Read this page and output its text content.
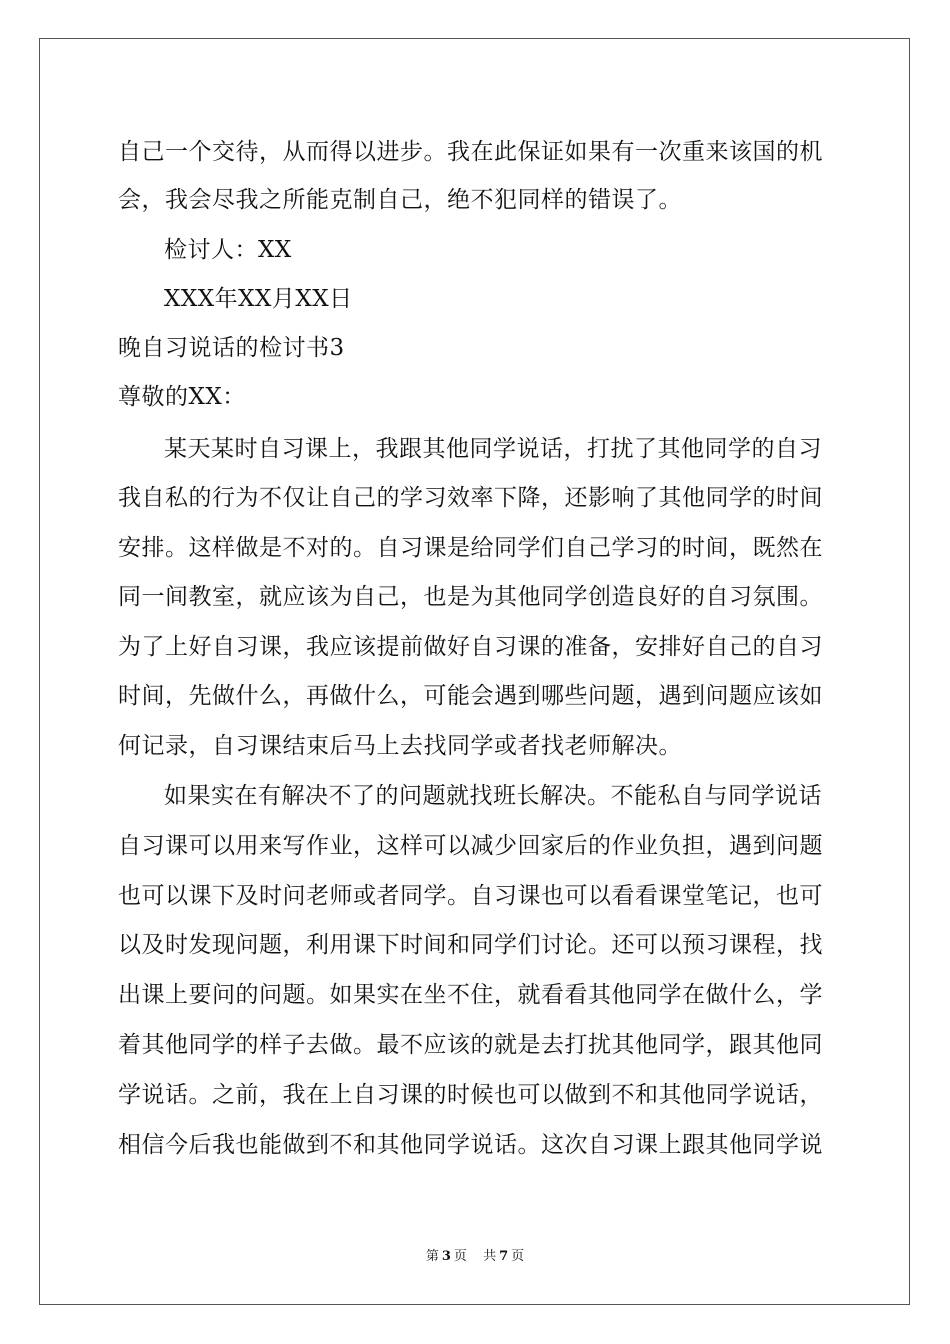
自己一个交待，从而得以进步。我在此保证如果有一次重来该国的机
会，我会尽我之所能克制自己，绝不犯同样的错误了。
检讨人：XX
XXX年XX月XX日
晚自习说话的检讨书3
尊敬的XX：
某天某时自习课上，我跟其他同学说话，打扰了其他同学的自习
我自私的行为不仅让自己的学习效率下降，还影响了其他同学的时间
安排。这样做是不对的。自习课是给同学们自己学习的时间，既然在
同一间教室，就应该为自己，也是为其他同学创造良好的自习氛围。
为了上好自习课，我应该提前做好自习课的准备，安排好自己的自习
时间，先做什么，再做什么，可能会遇到哪些问题，遇到问题应该如
何记录，自习课结束后马上去找同学或者找老师解决。
如果实在有解决不了的问题就找班长解决。不能私自与同学说话
自习课可以用来写作业，这样可以减少回家后的作业负担，遇到问题
也可以课下及时问老师或者同学。自习课也可以看看课堂笔记，也可
以及时发现问题，利用课下时间和同学们讨论。还可以预习课程，找
出课上要问的问题。如果实在坐不住，就看看其他同学在做什么，学
着其他同学的样子去做。最不应该的就是去打扰其他同学，跟其他同
学说话。之前，我在上自习课的时候也可以做到不和其他同学说话，
相信今后我也能做到不和其他同学说话。这次自习课上跟其他同学说
第 3 页 共 7 页
